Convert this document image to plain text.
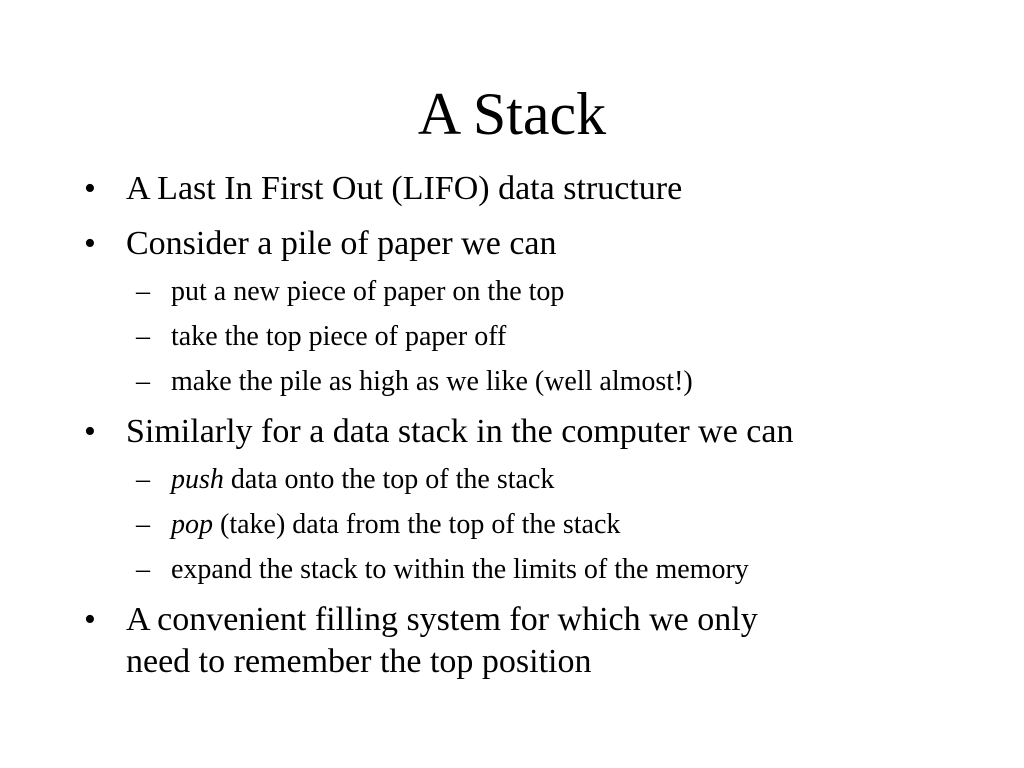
A Stack
• A Last In First Out (LIFO) data structure
• Consider a pile of paper we can
– put a new piece of paper on the top
– take the top piece of paper off
– make the pile as high as we like (well almost!)
• Similarly for a data stack in the computer we can
– push data onto the top of the stack
– pop (take) data from the top of the stack
– expand the stack to within the limits of the memory
• A convenient filling system for which we only
need to remember the top position
